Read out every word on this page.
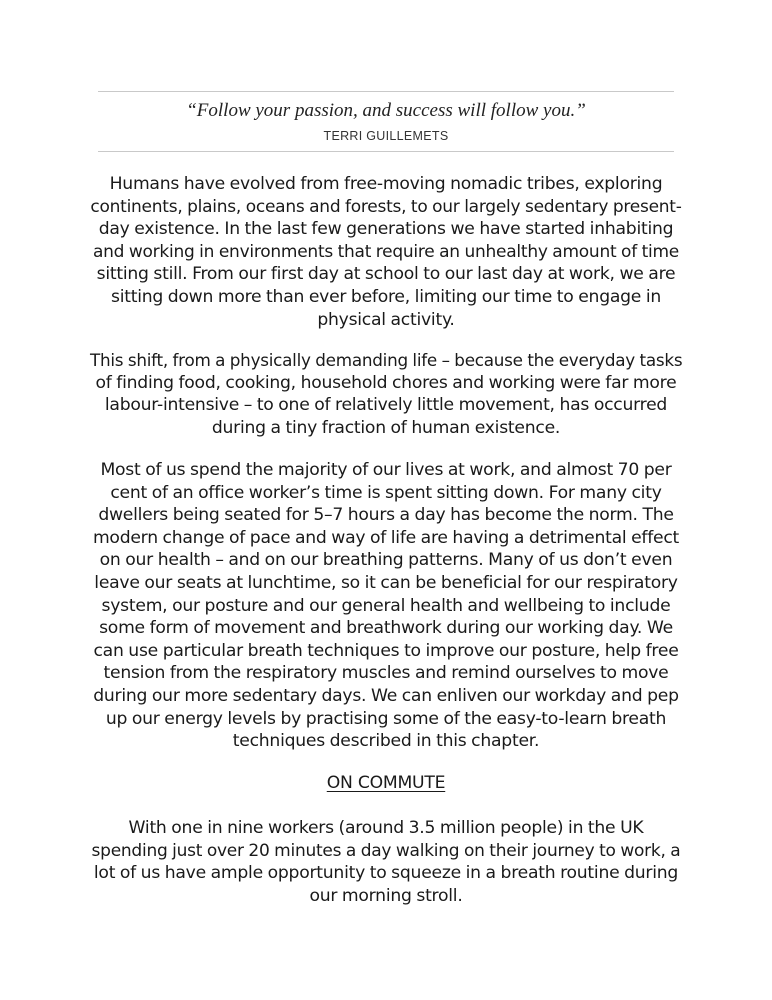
“Follow your passion, and success will follow you.”
TERRI GUILLEMETS

Humans have evolved from free-moving nomadic tribes, exploring
continents, plains, oceans and forests, to our largely sedentary present-
day existence. In the last few generations we have started inhabiting
and working in environments that require an unhealthy amount of time
sitting still. From our first day at school to our last day at work, we are
sitting down more than ever before, limiting our time to engage in
physical activity.

This shift, from a physically demanding life – because the everyday tasks
of finding food, cooking, household chores and working were far more
labour-intensive – to one of relatively little movement, has occurred
during a tiny fraction of human existence.

Most of us spend the majority of our lives at work, and almost 70 per
cent of an office worker’s time is spent sitting down. For many city
dwellers being seated for 5–7 hours a day has become the norm. The
modern change of pace and way of life are having a detrimental effect
on our health – and on our breathing patterns. Many of us don’t even
leave our seats at lunchtime, so it can be beneficial for our respiratory
system, our posture and our general health and wellbeing to include
some form of movement and breathwork during our working day. We
can use particular breath techniques to improve our posture, help free
tension from the respiratory muscles and remind ourselves to move
during our more sedentary days. We can enliven our workday and pep
up our energy levels by practising some of the easy-to-learn breath
techniques described in this chapter.

ON COMMUTE

With one in nine workers (around 3.5 million people) in the UK
spending just over 20 minutes a day walking on their journey to work, a
lot of us have ample opportunity to squeeze in a breath routine during
our morning stroll.
